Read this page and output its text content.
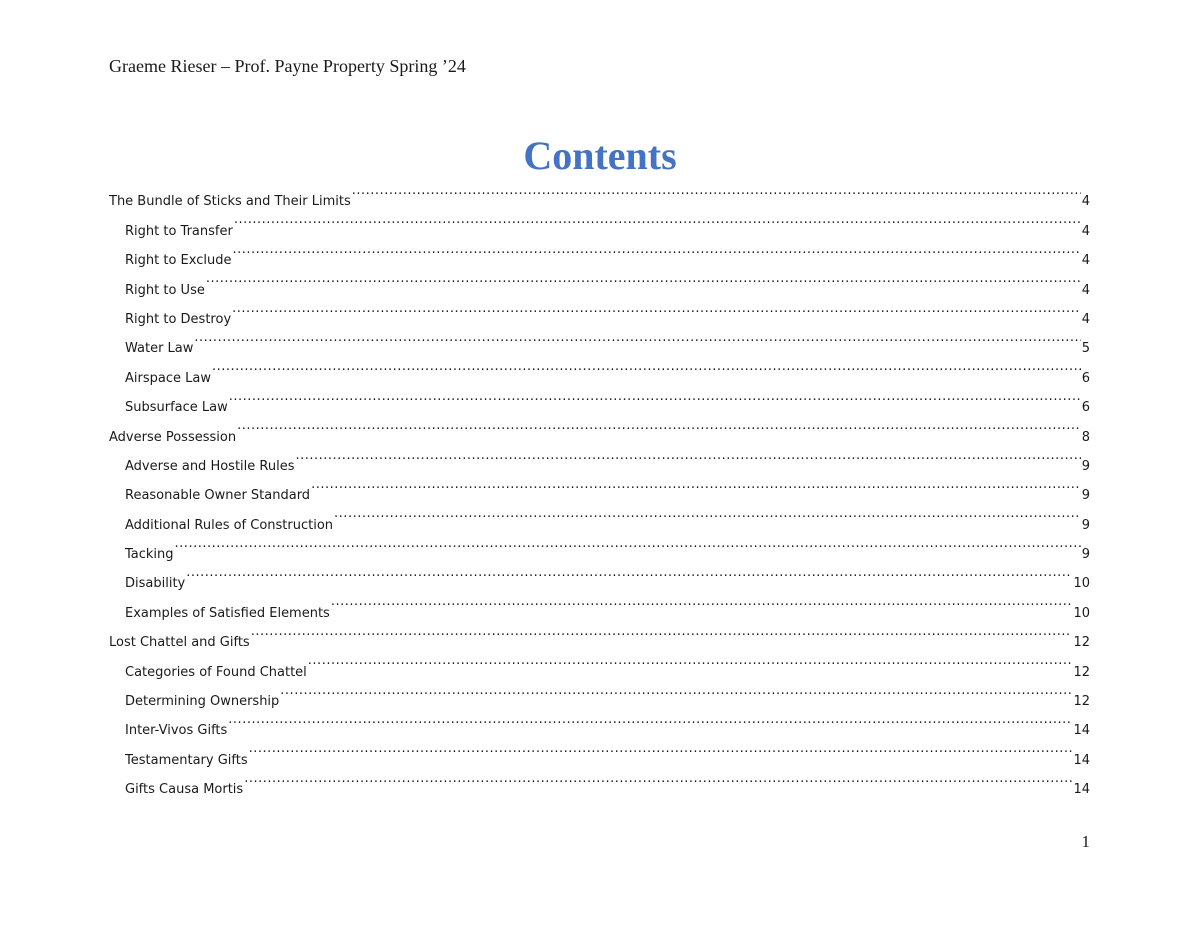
Graeme Rieser – Prof. Payne Property Spring ’24
Contents
The Bundle of Sticks and Their Limits .....	4
Right to Transfer .....	4
Right to Exclude .....	4
Right to Use .....	4
Right to Destroy .....	4
Water Law .....	5
Airspace Law .....	6
Subsurface Law .....	6
Adverse Possession .....	8
Adverse and Hostile Rules .....	9
Reasonable Owner Standard .....	9
Additional Rules of Construction .....	9
Tacking .....	9
Disability .....	10
Examples of Satisfied Elements .....	10
Lost Chattel and Gifts .....	12
Categories of Found Chattel .....	12
Determining Ownership .....	12
Inter-Vivos Gifts .....	14
Testamentary Gifts .....	14
Gifts Causa Mortis .....	14
1
